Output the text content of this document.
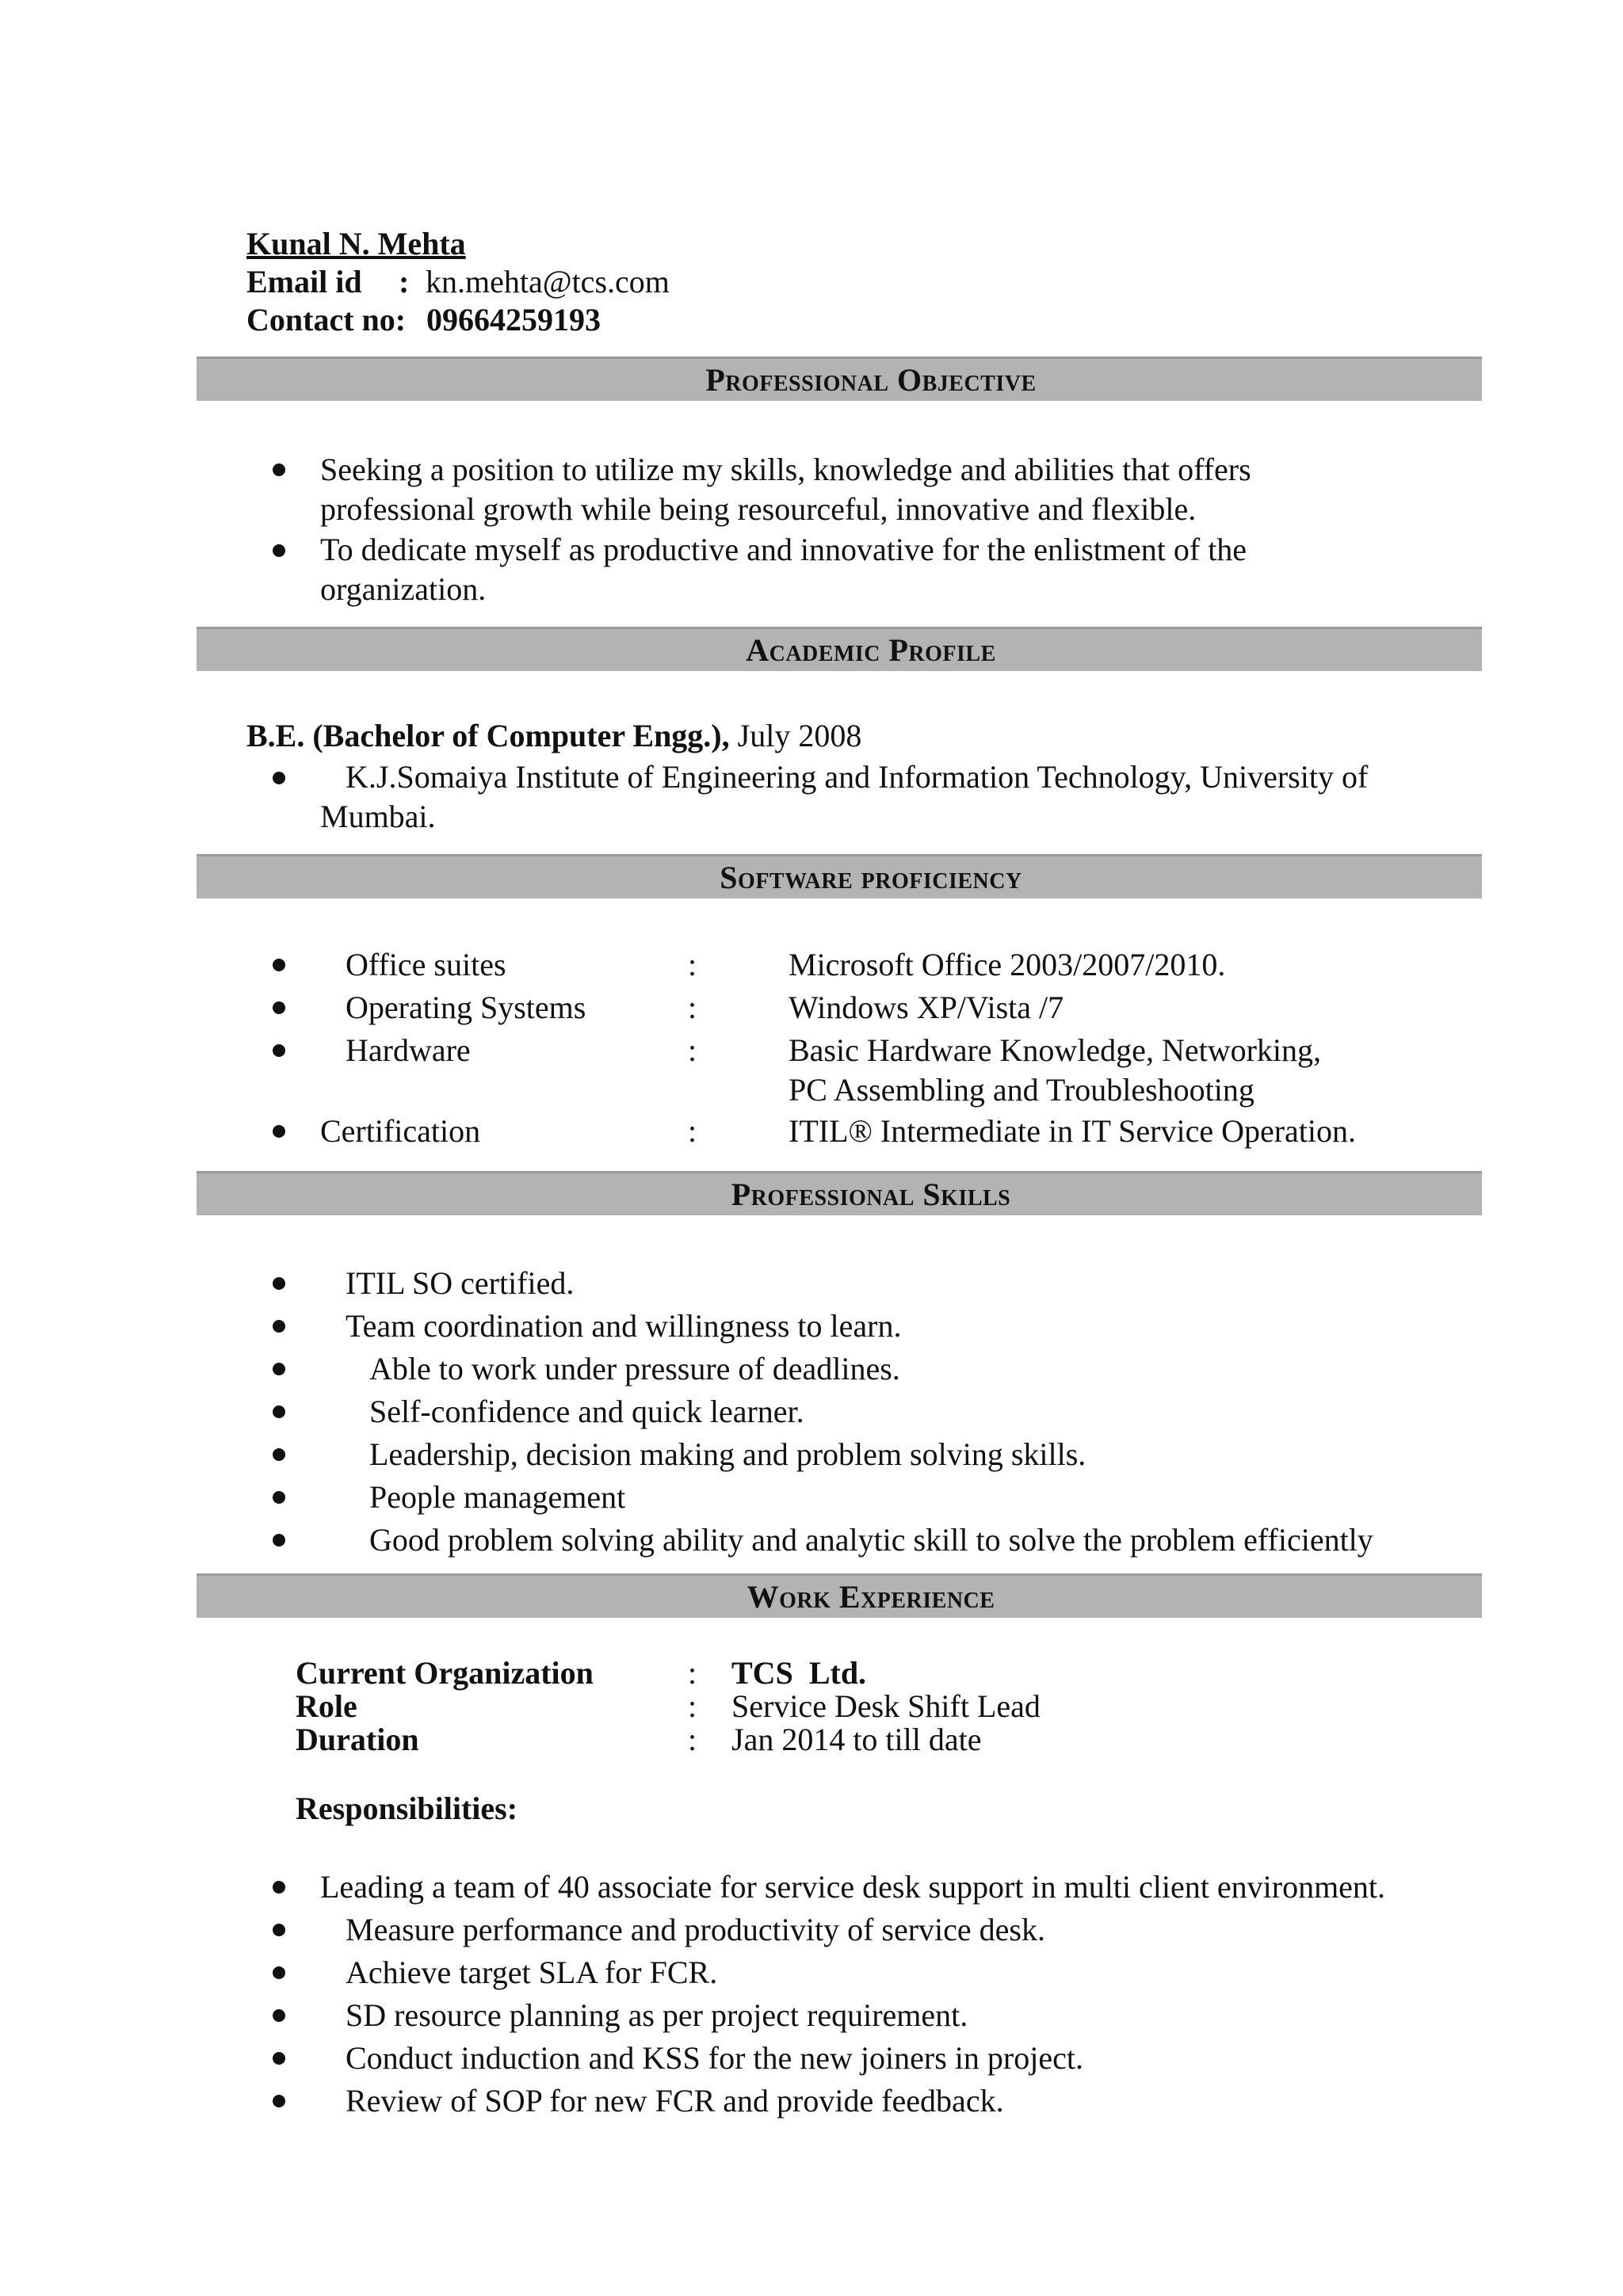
Kunal N. Mehta
Email id : kn.mehta@tcs.com
Contact no: 09664259193
Professional Objective
Seeking a position to utilize my skills, knowledge and abilities that offers
professional growth while being resourceful, innovative and flexible.
To dedicate myself as productive and innovative for the enlistment of the
organization.
Academic Profile
B.E. (Bachelor of Computer Engg.), July 2008
K.J.Somaiya Institute of Engineering and Information Technology, University of
Mumbai.
Software proficiency
Office suites	:	Microsoft Office 2003/2007/2010.
Operating Systems	:	Windows XP/Vista /7
Hardware	:	Basic Hardware Knowledge, Networking,
PC Assembling and Troubleshooting
Certification	:	ITIL® Intermediate in IT Service Operation.
Professional Skills
ITIL SO certified.
Team coordination and willingness to learn.
Able to work under pressure of deadlines.
Self-confidence and quick learner.
Leadership, decision making and problem solving skills.
People management
Good problem solving ability and analytic skill to solve the problem efficiently
Work Experience
Current Organization	: TCS  Ltd.
Role	: Service Desk Shift Lead
Duration	: Jan 2014 to till date
Responsibilities:
Leading a team of 40 associate for service desk support in multi client environment.
Measure performance and productivity of service desk.
Achieve target SLA for FCR.
SD resource planning as per project requirement.
Conduct induction and KSS for the new joiners in project.
Review of SOP for new FCR and provide feedback.
